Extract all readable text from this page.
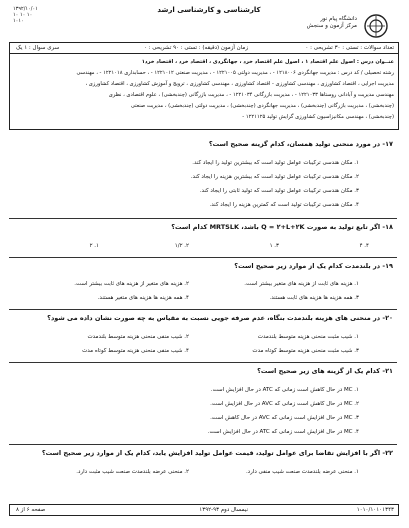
دانشگاه پیام نور
مرکز آزمون و سنجش
کارشناسی و کارشناسی ارشد
۱۳۹۲/۱۰/۰۱
۱۰ ۱۰ ۱۰
۱۰۱۰
تعداد سوالات : تستی : ۳۰ تشریحی : ۰
زمان آزمون (دقیقه) : تستی : ۹۰ تشریحی : ۰
سری سوال : ۱ یک
عنــوان درس : اصول علم اقتصاد ۱ ، اصول علم اقتصاد خرد ، جهانگردی ، اقتصاد خرد ، اقتصاد خرد۱
رشته تحصیلی / کد درس : مدیریت جهانگردی ۱۲۱۸۰۰۶ - ، مدیریت دولتی ۱۲۲۱۰۰۵ - ، مدیریت صنعتی ۱۲۲۱۰۱۲ - ، حسابداری ۱۲۲۱۰۱۸ - ، مهندسی
مدیریت اجرایی ، اقتصاد کشاورزی ، مهندسی کشاورزی - اقتصاد کشاورزی ، مهندسی کشاورزی ، ترویج و آموزش کشاورزی ، اقتصاد کشاورزی ،
مهندسی مدیریت و آبادانی روستاها ۱۲۲۱۰۳۳ - ، مدیریت بازرگانی ۱۲۲۱۰۳۴ - ، مدیریت بازرگانی (چندبخشی) ، علوم اقتصادی ، نظری
(چندبخشی) ، مدیریت بازرگانی (چندبخشی) ، مدیریت جهانگردی (چندبخشی) ، مدیریت دولتی (چندبخشی) ، مدیریت صنعتی
(چندبخشی) ، مهندسی مکانیزاسیون کشاورزی گرایش تولید ۱۲۲۱۱۲۵ -
۱۷- در مورد منحنی تولید همسان، کدام گزینه صحیح است؟
۱. مکان هندسی ترکیبات عوامل تولید است که بیشترین تولید را ایجاد کند.
۲. مکان هندسی ترکیبات عوامل تولید است که بیشترین هزینه را ایجاد کند.
۳. مکان هندسی ترکیبات عوامل تولید است که تولید ثابتی را ایجاد کند.
۴. مکان هندسی ترکیبات تولید است که کمترین هزینه را ایجاد کند.
۱۸- اگر تابع تولید به صورت Q = ۲+L+۲K باشد، MRTSLK کدام است؟
۱. ۲	۲. ۱/۲	۳. ۱	۴. ۴
۱۹- در بلندمدت کدام یک از موارد زیر صحیح است؟
۱. هزینه های ثابت از هزینه های متغیر بیشتر است.
۲. هزینه های متغیر از هزینه های ثابت بیشتر است.
۳. همه هزینه ها هزینه های ثابت هستند.
۴. همه هزینه ها هزینه های متغیر هستند.
۲۰- در منحنی های هزینه بلندمدت بنگاه، عدم صرفه جویی نسبت به مقیاس به چه صورت نشان داده می شود؟
۱. شیب مثبت منحنی هزینه متوسط بلندمدت
۲. شیب منفی منحنی هزینه متوسط بلندمدت
۳. شیب مثبت منحنی هزینه متوسط کوتاه مدت
۴. شیب منفی منحنی هزینه متوسط کوتاه مدت
۲۱- کدام یک از گزینه های زیر صحیح است؟
۱. MC در حال کاهش است زمانی که ATC در حال افزایش است.
۲. MC در حال کاهش است زمانی که AVC در حال افزایش است.
۳. MC در حال افزایش است زمانی که AVC در حال کاهش است.
۴. MC در حال افزایش است زمانی که ATC در حال افزایش است.
۲۲- اگر با افزایش تقاضا برای عوامل تولید، قیمت عوامل تولید افزایش یابد، کدام یک از موارد زیر صحیح است؟
۱. منحنی عرضه بلندمدت صنعت شیب منفی دارد.
۲. منحنی عرضه بلندمدت صنعت شیب مثبت دارد.
۱۰۱۰/۱۰۱۰۱۳۴۳
نیمسال دوم ۹۳-۱۳۹۲
صفحه ۶ از ۸
